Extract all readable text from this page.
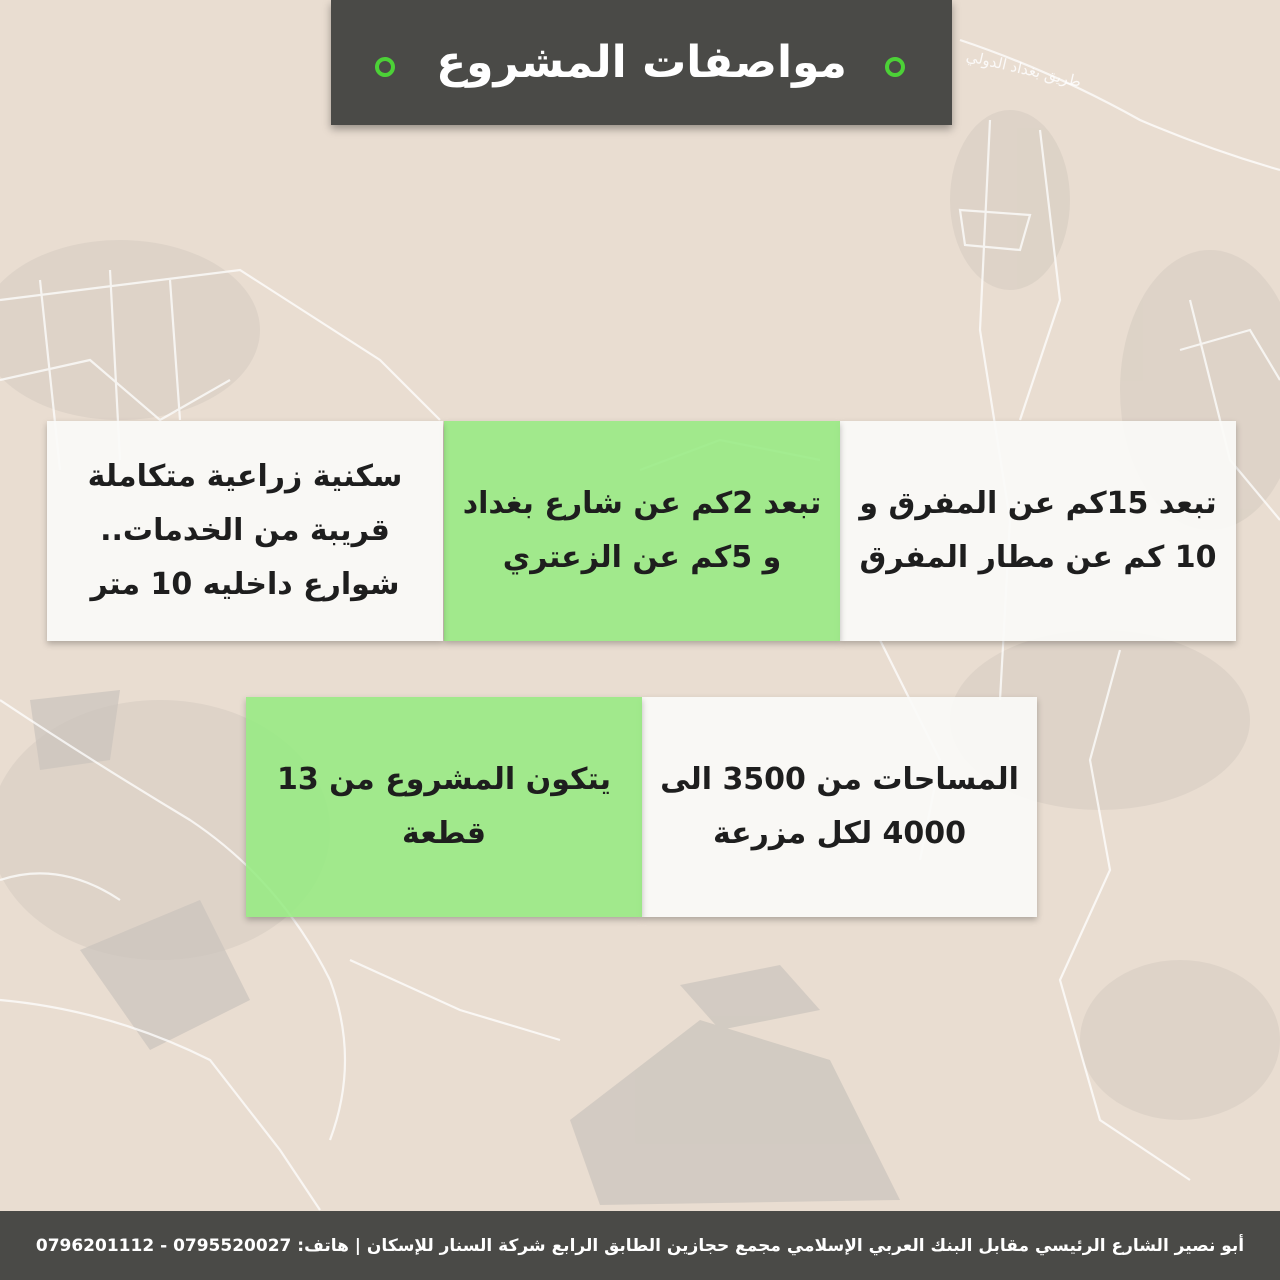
طريق بغداد الدولي
مواصفات المشروع
تبعد 15كم عن المفرق و 10 كم عن مطار المفرق
تبعد 2كم عن شارع بغداد و 5كم عن الزعتري
سكنية زراعية متكاملة قريبة من الخدمات.. شوارع داخليه 10 متر
المساحات من 3500 الى 4000 لكل مزرعة
يتكون المشروع من 13 قطعة
أبو نصير الشارع الرئيسي مقابل البنك العربي الإسلامي مجمع حجازين الطابق الرابع شركة السنار للإسكان | هاتف: 0795520027 - 0796201112
